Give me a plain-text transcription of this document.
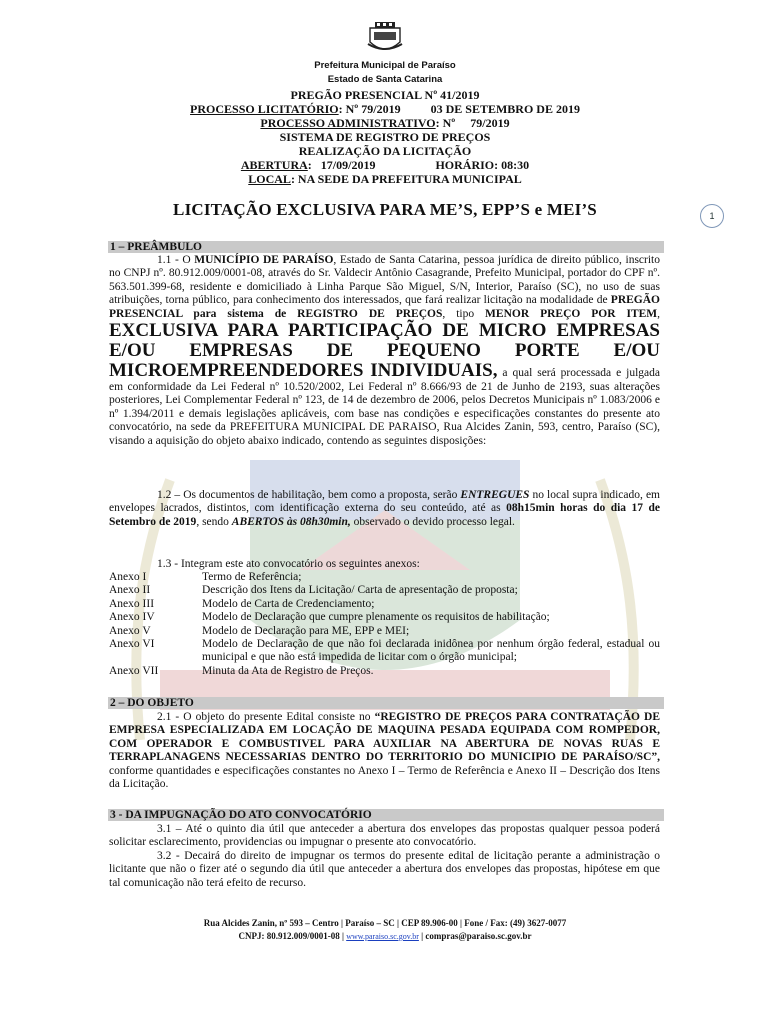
Prefeitura Municipal de Paraíso
Estado de Santa Catarina
PREGÃO PRESENCIAL Nº 41/2019
PROCESSO LICITATÓRIO: Nº 79/2019          03 DE SETEMBRO DE 2019
PROCESSO ADMINISTRATIVO: Nº     79/2019
SISTEMA DE REGISTRO DE PREÇOS
REALIZAÇÃO DA LICITAÇÃO
ABERTURA:   17/09/2019                    HORÁRIO: 08:30
LOCAL: NA SEDE DA PREFEITURA MUNICIPAL
LICITAÇÃO EXCLUSIVA PARA ME’S, EPP’S e MEI’S	1
1 – PREÂMBULO
1.1 - O MUNICÍPIO DE PARAÍSO, Estado de Santa Catarina, pessoa jurídica de direito público, inscrito no CNPJ nº. 80.912.009/0001-08, através do Sr. Valdecir Antônio Casagrande, Prefeito Municipal, portador do CPF nº. 563.501.399-68, residente e domiciliado à Linha Parque São Miguel, S/N, Interior, Paraíso (SC), no uso de suas atribuições, torna público, para conhecimento dos interessados, que fará realizar licitação na modalidade de PREGÃO PRESENCIAL para sistema de REGISTRO DE PREÇOS, tipo MENOR PREÇO POR ITEM, EXCLUSIVA PARA PARTICIPAÇÃO DE MICRO EMPRESAS E/OU EMPRESAS DE PEQUENO PORTE E/OU MICROEMPREENDEDORES INDIVIDUAIS, a qual será processada e julgada em conformidade da Lei Federal nº 10.520/2002, Lei Federal nº 8.666/93 de 21 de Junho de 2193, suas alterações posteriores, Lei Complementar Federal nº 123, de 14 de dezembro de 2006, pelos Decretos Municipais nº 1.083/2006 e nº 1.394/2011 e demais legislações aplicáveis, com base nas condições e especificações constantes do presente ato convocatório, na sede da PREFEITURA MUNICIPAL DE PARAISO, Rua Alcides Zanin, 593, centro, Paraíso (SC), visando a aquisição do objeto abaixo indicado, contendo as seguintes disposições:
1.2 – Os documentos de habilitação, bem como a proposta, serão ENTREGUES no local supra indicado, em envelopes lacrados, distintos, com identificação externa do seu conteúdo, até as 08h15min horas do dia 17 de Setembro de 2019, sendo ABERTOS às 08h30min, observado o devido processo legal.
1.3 - Integram este ato convocatório os seguintes anexos:
Anexo I	Termo de Referência;
Anexo II	Descrição dos Itens da Licitação/ Carta de apresentação de proposta;
Anexo III	Modelo de Carta de Credenciamento;
Anexo IV	Modelo de Declaração que cumpre plenamente os requisitos de habilitação;
Anexo V	Modelo de Declaração para ME, EPP e MEI;
Anexo VI	Modelo de Declaração de que não foi declarada inidônea por nenhum órgão federal, estadual ou municipal e que não está impedida de licitar com o órgão municipal;
Anexo VII	Minuta da Ata de Registro de Preços.
2 – DO OBJETO
2.1 - O objeto do presente Edital consiste no “REGISTRO DE PREÇOS PARA CONTRATAÇÃO DE EMPRESA ESPECIALIZADA EM LOCAÇÃO DE MAQUINA PESADA EQUIPADA COM ROMPEDOR, COM OPERADOR E COMBUSTIVEL PARA AUXILIAR NA ABERTURA DE NOVAS RUAS E TERRAPLANAGENS NECESSARIAS DENTRO DO TERRITORIO DO MUNICIPIO DE PARAÍSO/SC”, conforme quantidades e especificações constantes no Anexo I – Termo de Referência e Anexo II – Descrição dos Itens da Licitação.
3 - DA IMPUGNAÇÃO DO ATO CONVOCATÓRIO
3.1 – Até o quinto dia útil que anteceder a abertura dos envelopes das propostas qualquer pessoa poderá solicitar esclarecimento, providencias ou impugnar o presente ato convocatório.
3.2 - Decairá do direito de impugnar os termos do presente edital de licitação perante a administração o licitante que não o fizer até o segundo dia útil que anteceder a abertura dos envelopes das propostas, hipótese em que tal comunicação não terá efeito de recurso.
Rua Alcides Zanin, nº 593 – Centro | Paraíso – SC | CEP 89.906-00 | Fone / Fax: (49) 3627-0077
CNPJ: 80.912.009/0001-08 | www.paraiso.sc.gov.br | compras@paraiso.sc.gov.br
